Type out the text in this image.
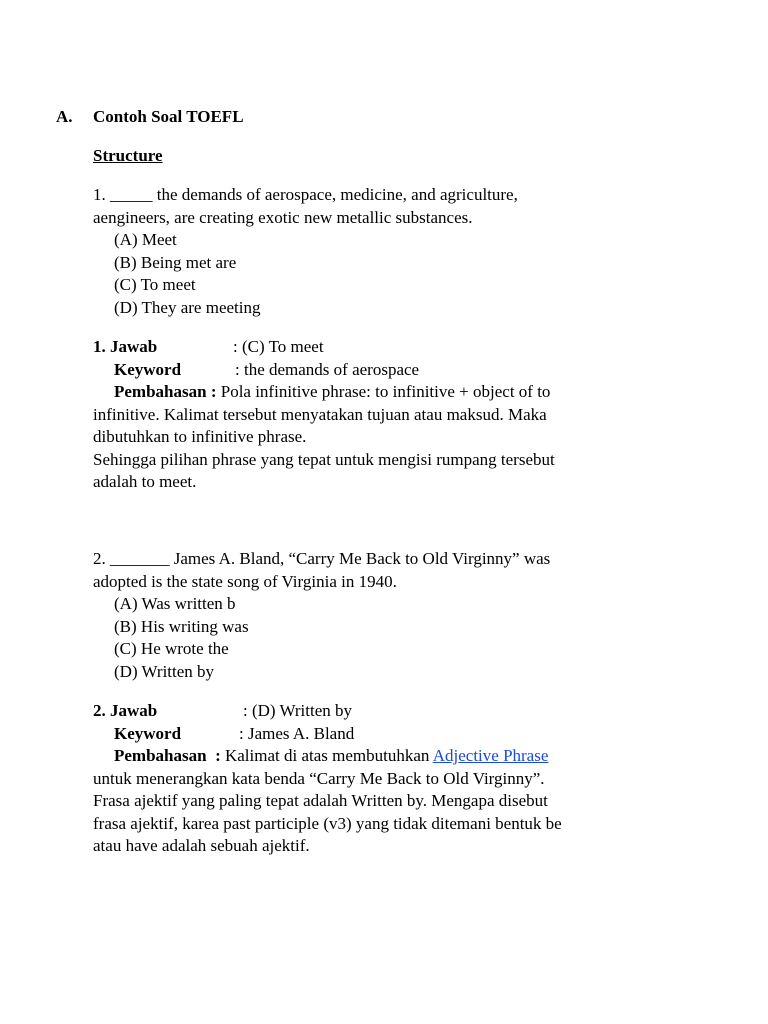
A. Contoh Soal TOEFL
Structure
1. _____ the demands of aerospace, medicine, and agriculture,
aengineers, are creating exotic new metallic substances.
(A) Meet
(B) Being met are
(C) To meet
(D) They are meeting
1. Jawab	: (C) To meet
Keyword	: the demands of aerospace
Pembahasan : Pola infinitive phrase: to infinitive + object of to
infinitive. Kalimat tersebut menyatakan tujuan atau maksud. Maka
dibutuhkan to infinitive phrase.
Sehingga pilihan phrase yang tepat untuk mengisi rumpang tersebut
adalah to meet.
2. _______ James A. Bland, “Carry Me Back to Old Virginny” was
adopted is the state song of Virginia in 1940.
(A) Was written b
(B) His writing was
(C) He wrote the
(D) Written by
2. Jawab	: (D) Written by
Keyword	: James A. Bland
Pembahasan  : Kalimat di atas membutuhkan Adjective Phrase
untuk menerangkan kata benda “Carry Me Back to Old Virginny”.
Frasa ajektif yang paling tepat adalah Written by. Mengapa disebut
frasa ajektif, karea past participle (v3) yang tidak ditemani bentuk be
atau have adalah sebuah ajektif.
